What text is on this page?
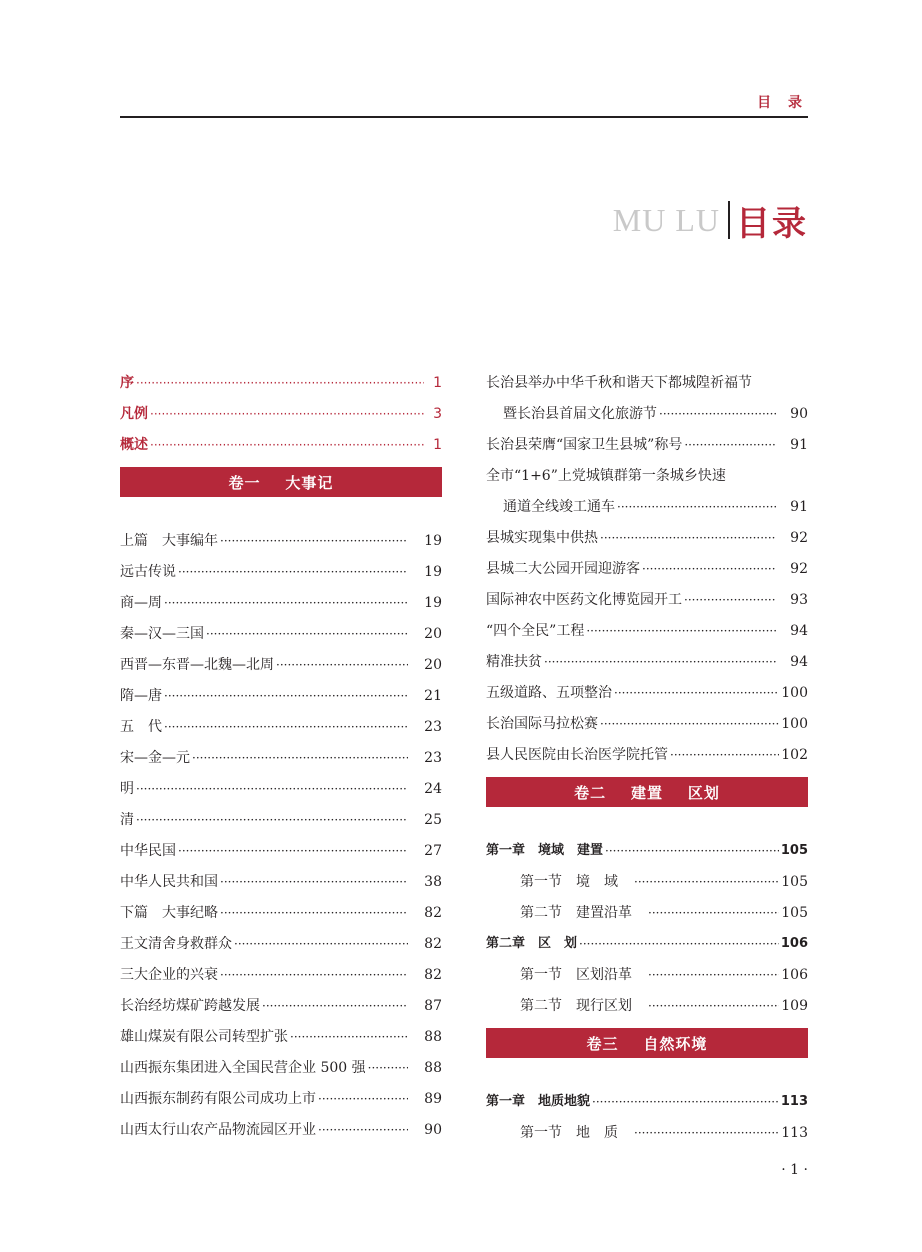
目 录
MU LU 目录
序 ·····	1
凡例 ·····	3
概述 ·····	1
卷一    大事记
上篇　大事编年 ·····	19
远古传说 ·····	19
商—周 ·····	19
秦—汉—三国 ·····	20
西晋—东晋—北魏—北周 ·····	20
隋—唐 ·····	21
五　代 ·····	23
宋—金—元 ·····	23
明 ·····	24
清 ·····	25
中华民国 ·····	27
中华人民共和国 ·····	38
下篇　大事纪略 ·····	82
王文清舍身救群众 ·····	82
三大企业的兴衰 ·····	82
长治经坊煤矿跨越发展 ·····	87
雄山煤炭有限公司转型扩张 ·····	88
山西振东集团进入全国民营企业 500 强 ·····	88
山西振东制药有限公司成功上市 ·····	89
山西太行山农产品物流园区开业 ·····	90
长治县举办中华千秋和谐天下都城隍祈福节
暨长治县首届文化旅游节 ·····	90
长治县荣膺“国家卫生县城”称号 ·····	91
全市“1+6”上党城镇群第一条城乡快速
通道全线竣工通车 ·····	91
县城实现集中供热 ·····	92
县城二大公园开园迎游客 ·····	92
国际神农中医药文化博览园开工 ·····	93
“四个全民”工程 ·····	94
精准扶贫 ·····	94
五级道路、五项整治 ·····	100
长治国际马拉松赛 ·····	100
县人民医院由长治医学院托管 ·····	102
卷二    建置    区划
第一章　境域　建置 ·····	105
第一节　境　域 ·····	105
第二节　建置沿革 ·····	105
第二章　区　划 ·····	106
第一节　区划沿革 ·····	106
第二节　现行区划 ·····	109
卷三    自然环境
第一章　地质地貌 ·····	113
第一节　地　质 ·····	113
· 1 ·
